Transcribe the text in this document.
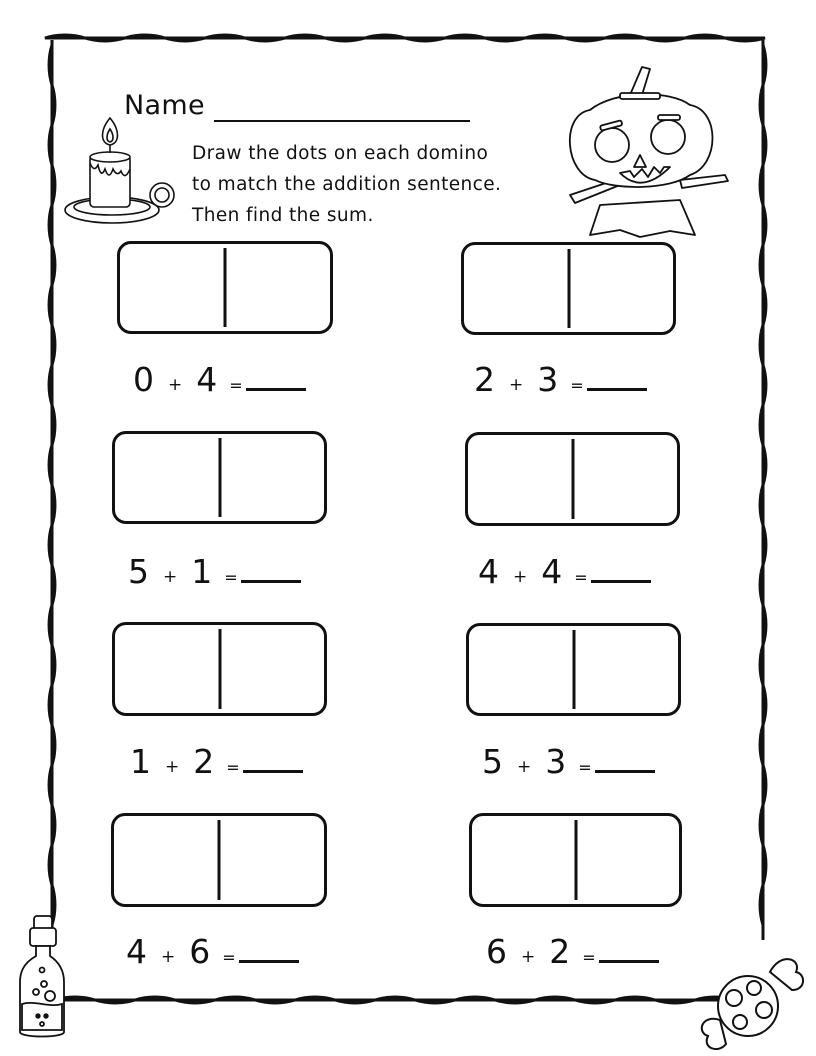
Name
Draw the dots on each domino
to match the addition sentence.
Then find the sum.
0 + 4 =	2 + 3 =
5 + 1 =	4 + 4 =
1 + 2 =	5 + 3 =
4 + 6 =	6 + 2 =
